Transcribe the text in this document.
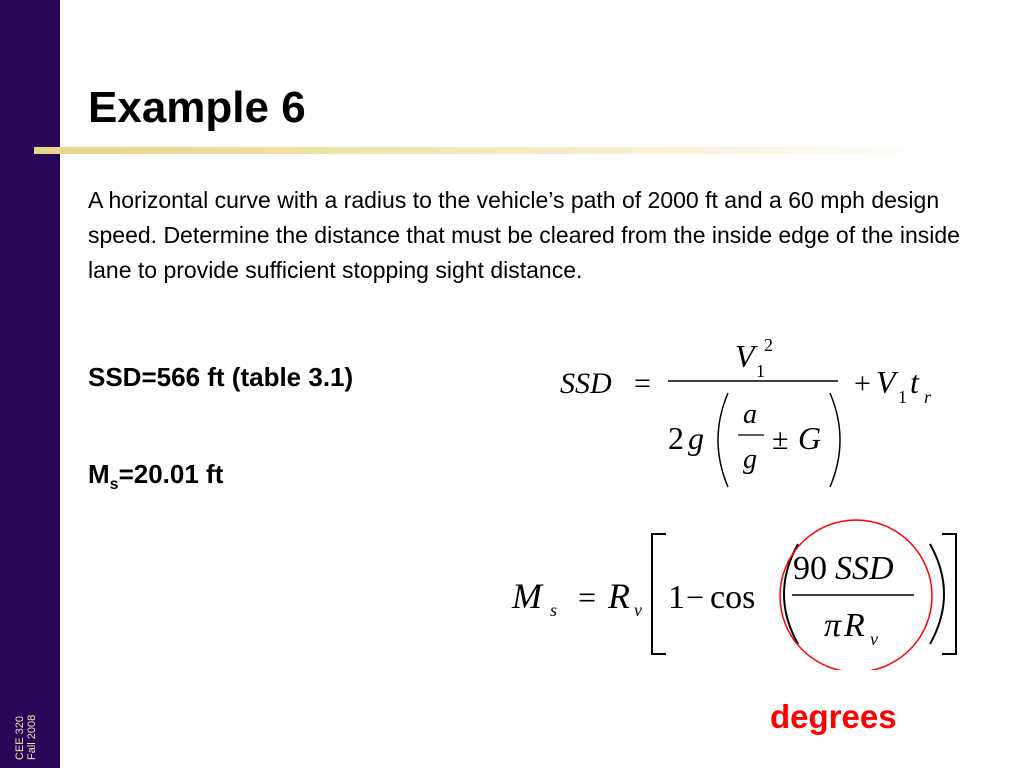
CEE 320 Fall 2008
Example 6

A horizontal curve with a radius to the vehicle’s path of 2000 ft and a 60 mph design speed. Determine the distance that must be cleared from the inside edge of the inside lane to provide sufficient stopping sight distance.

SSD=566 ft (table 3.1)
$M_s=20.01$ ft
SSD =
V 1
2
2 g
a
g
± G
+ V 1 t r
M s = R v 1 − cos
90 SSD
π R v
degrees
